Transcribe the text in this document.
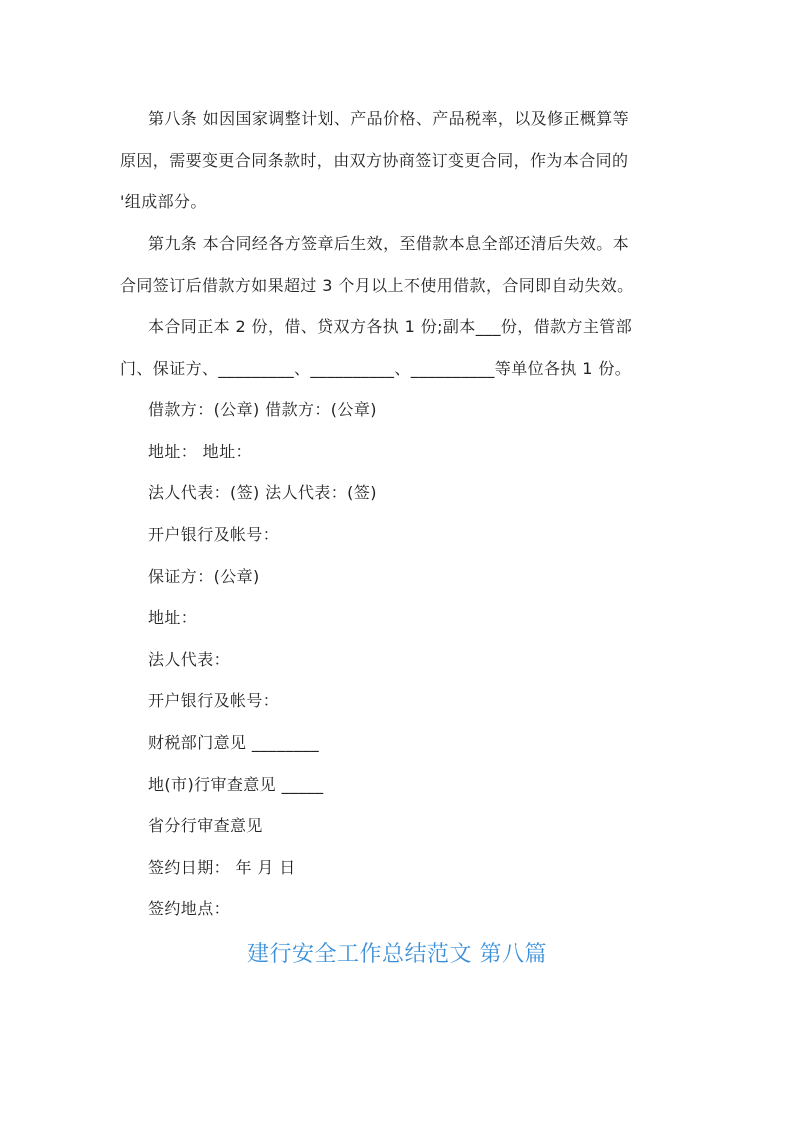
第八条 如因国家调整计划、产品价格、产品税率，以及修正概算等
原因，需要变更合同条款时，由双方协商签订变更合同，作为本合同的
'组成部分。

第九条 本合同经各方签章后生效，至借款本息全部还清后失效。本
合同签订后借款方如果超过 3 个月以上不使用借款，合同即自动失效。

本合同正本 2 份，借、贷双方各执 1 份;副本___份，借款方主管部
门、保证方、_________、__________、__________等单位各执 1 份。

借款方：(公章) 借款方：(公章)

地址： 地址：

法人代表：(签) 法人代表：(签)

开户银行及帐号：

保证方：(公章)

地址：

法人代表：

开户银行及帐号：

财税部门意见 ________

地(市)行审查意见 _____

省分行审查意见

签约日期： 年 月 日

签约地点：

建行安全工作总结范文 第八篇
